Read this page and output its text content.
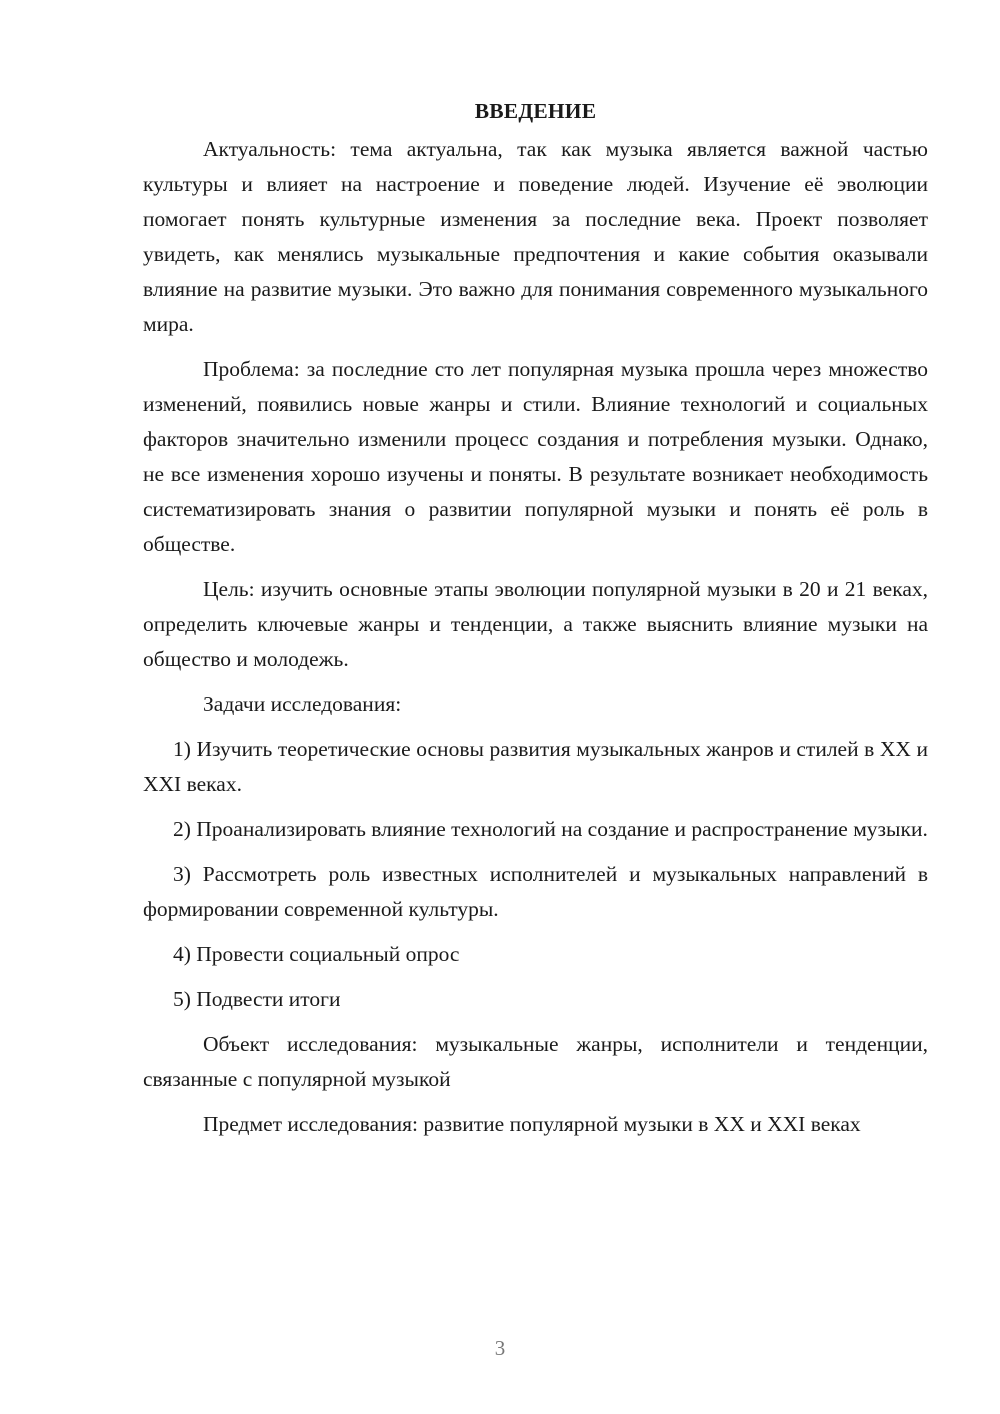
ВВЕДЕНИЕ

Актуальность: тема актуальна, так как музыка является важной частью культуры и влияет на настроение и поведение людей. Изучение её эволюции помогает понять культурные изменения за последние века. Проект позволяет увидеть, как менялись музыкальные предпочтения и какие события оказывали влияние на развитие музыки. Это важно для понимания современного музыкального мира.

Проблема: за последние сто лет популярная музыка прошла через множество изменений, появились новые жанры и стили. Влияние технологий и социальных факторов значительно изменили процесс создания и потребления музыки. Однако, не все изменения хорошо изучены и поняты. В результате возникает необходимость систематизировать знания о развитии популярной музыки и понять её роль в обществе.

Цель: изучить основные этапы эволюции популярной музыки в 20 и 21 веках, определить ключевые жанры и тенденции, а также выяснить влияние музыки на общество и молодежь.

Задачи исследования:

1) Изучить теоретические основы развития музыкальных жанров и стилей в XX и XXI веках.

2) Проанализировать влияние технологий на создание и распространение музыки.

3) Рассмотреть роль известных исполнителей и музыкальных направлений в формировании современной культуры.

4) Провести социальный опрос

5) Подвести итоги

Объект исследования: музыкальные жанры, исполнители и тенденции, связанные с популярной музыкой

Предмет исследования: развитие популярной музыки в XX и XXI веках

3
